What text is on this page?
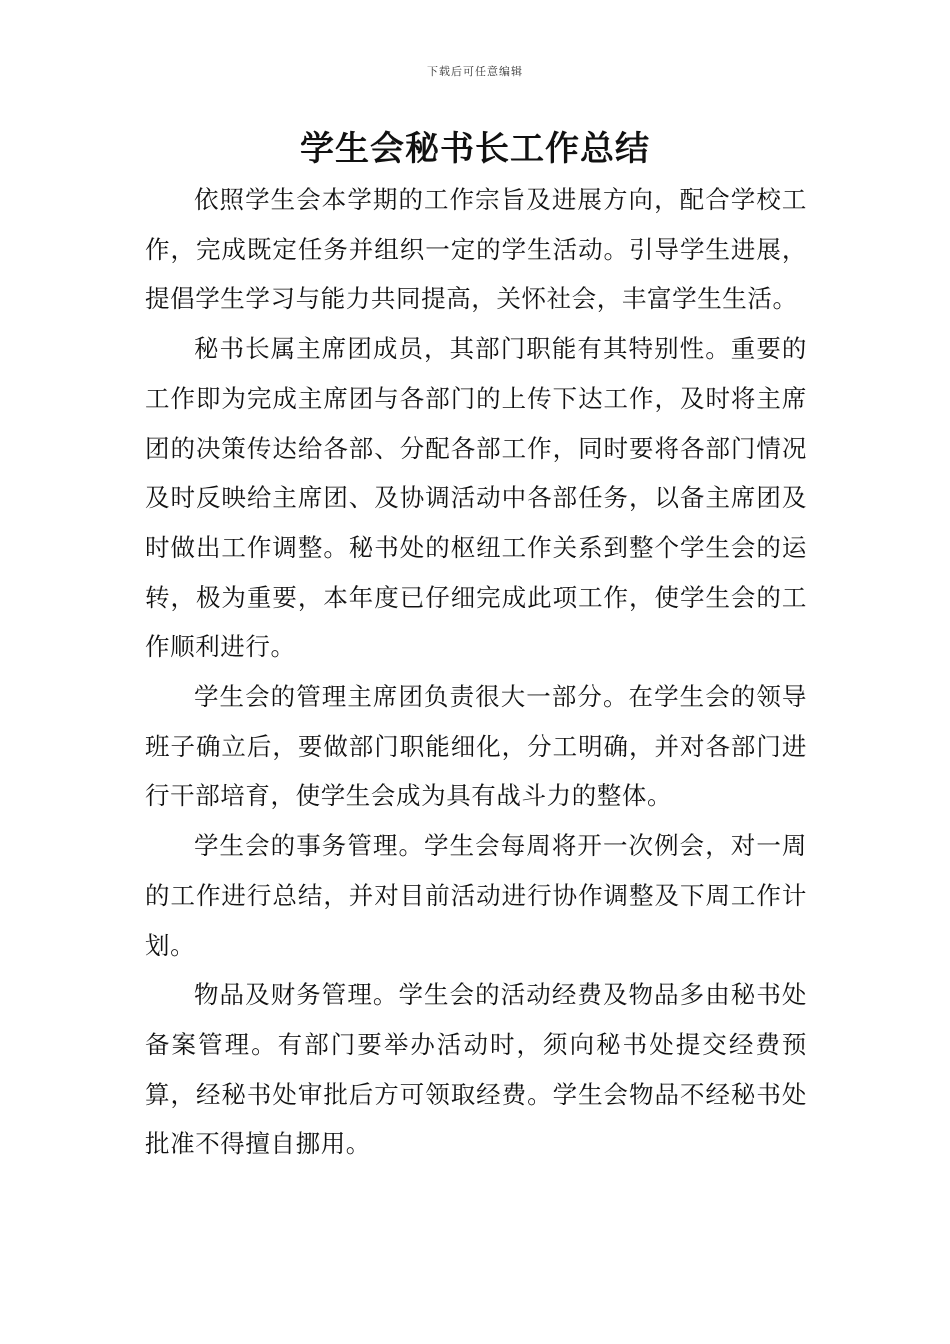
下载后可任意编辑
学生会秘书长工作总结

依照学生会本学期的工作宗旨及进展方向，配合学校工作，完成既定任务并组织一定的学生活动。引导学生进展，提倡学生学习与能力共同提高，关怀社会，丰富学生生活。

秘书长属主席团成员，其部门职能有其特别性。重要的工作即为完成主席团与各部门的上传下达工作，及时将主席团的决策传达给各部、分配各部工作，同时要将各部门情况及时反映给主席团、及协调活动中各部任务，以备主席团及时做出工作调整。秘书处的枢纽工作关系到整个学生会的运转，极为重要，本年度已仔细完成此项工作，使学生会的工作顺利进行。

学生会的管理主席团负责很大一部分。在学生会的领导班子确立后，要做部门职能细化，分工明确，并对各部门进行干部培育，使学生会成为具有战斗力的整体。

学生会的事务管理。学生会每周将开一次例会，对一周的工作进行总结，并对目前活动进行协作调整及下周工作计划。

物品及财务管理。学生会的活动经费及物品多由秘书处备案管理。有部门要举办活动时，须向秘书处提交经费预算，经秘书处审批后方可领取经费。学生会物品不经秘书处批准不得擅自挪用。
